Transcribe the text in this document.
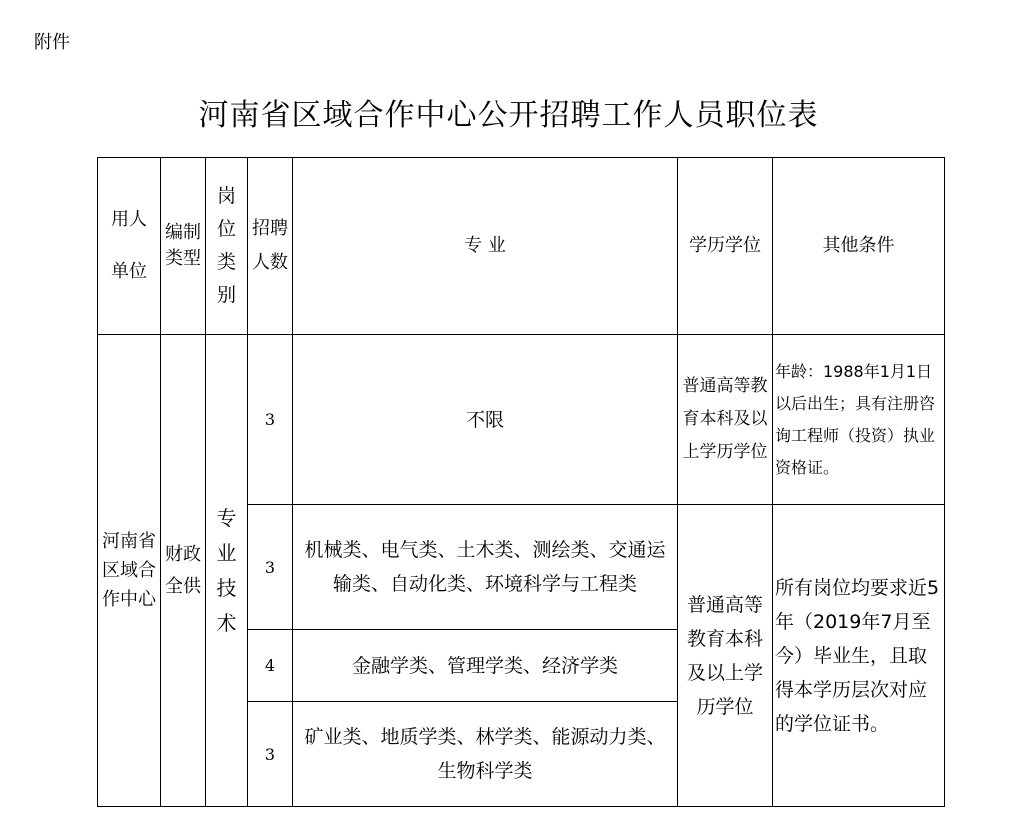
附件
河南省区域合作中心公开招聘工作人员职位表
用人单位	编制类型	岗位类别	招聘人数	专 业	学历学位	其他条件

河南省区域合作中心	财政全供	专业技术	3	不限	普通高等教育本科及以上学历学位	年龄：1988年1月1日以后出生；具有注册咨询工程师（投资）执业资格证。
			3	机械类、电气类、土木类、测绘类、交通运输类、自动化类、环境科学与工程类	普通高等教育本科及以上学历学位	所有岗位均要求近5年（2019年7月至今）毕业生，且取得本学历层次对应的学位证书。
			4	金融学类、管理学类、经济学类		
			3	矿业类、地质学类、林学类、能源动力类、生物科学类		
